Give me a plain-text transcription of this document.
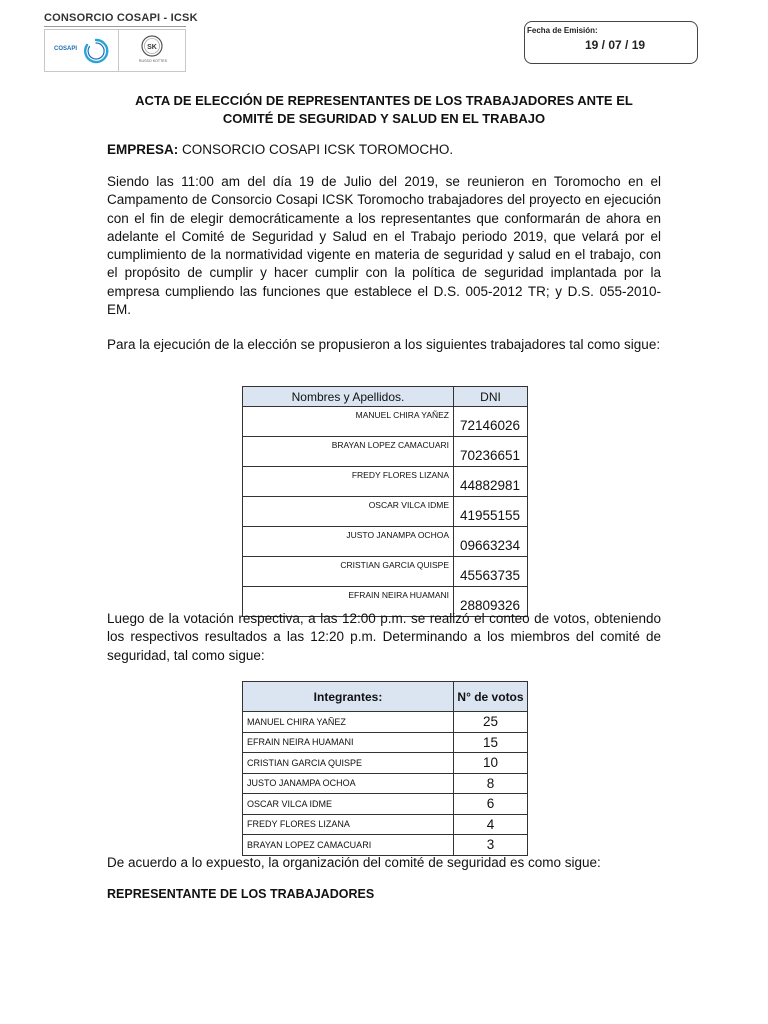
CONSORCIO COSAPI - ICSK
COSAPI	SK
RUSSO KOTTES
Fecha de Emisión:
19 / 07 / 19
ACTA DE ELECCIÓN DE REPRESENTANTES DE LOS TRABAJADORES ANTE EL
COMITÉ DE SEGURIDAD Y SALUD EN EL TRABAJO
EMPRESA: CONSORCIO COSAPI ICSK TOROMOCHO.
Siendo las 11:00 am del día 19 de Julio del 2019, se reunieron en Toromocho en el Campamento de Consorcio Cosapi ICSK Toromocho trabajadores del proyecto en ejecución con el fin de elegir democráticamente a los representantes que conformarán de ahora en adelante el Comité de Seguridad y Salud en el Trabajo periodo 2019, que velará por el cumplimiento de la normatividad vigente en materia de seguridad y salud en el trabajo, con el propósito de cumplir y hacer cumplir con la política de seguridad implantada por la empresa cumpliendo las funciones que establece el D.S. 005-2012 TR; y D.S. 055-2010-EM.
Para la ejecución de la elección se propusieron a los siguientes trabajadores tal como sigue:
Nombres y Apellidos.	DNI
MANUEL CHIRA YAÑEZ	72146026
BRAYAN LOPEZ CAMACUARI	70236651
FREDY FLORES LIZANA	44882981
OSCAR VILCA IDME	41955155
JUSTO JANAMPA OCHOA	09663234
CRISTIAN GARCIA QUISPE	45563735
EFRAIN NEIRA HUAMANI	28809326
Luego de la votación respectiva, a las 12:00 p.m. se realizó el conteo de votos, obteniendo los respectivos resultados a las 12:20 p.m. Determinando a los miembros del comité de seguridad, tal como sigue:
Integrantes:	N° de votos
MANUEL CHIRA YAÑEZ	25
EFRAIN NEIRA HUAMANI	15
CRISTIAN GARCIA QUISPE	10
JUSTO JANAMPA OCHOA	8
OSCAR VILCA IDME	6
FREDY FLORES LIZANA	4
BRAYAN LOPEZ CAMACUARI	3
De acuerdo a lo expuesto, la organización del comité de seguridad es como sigue:
REPRESENTANTE DE LOS TRABAJADORES
